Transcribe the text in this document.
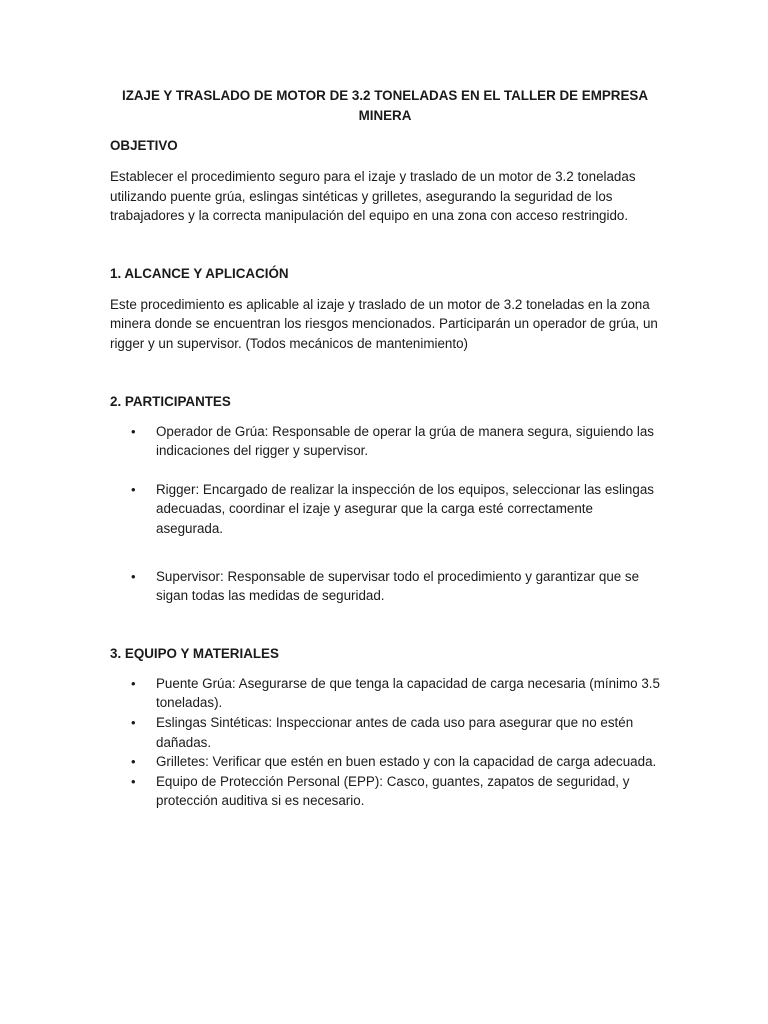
IZAJE Y TRASLADO DE MOTOR DE 3.2 TONELADAS EN EL TALLER DE EMPRESA MINERA
OBJETIVO

Establecer el procedimiento seguro para el izaje y traslado de un motor de 3.2 toneladas utilizando puente grúa, eslingas sintéticas y grilletes, asegurando la seguridad de los trabajadores y la correcta manipulación del equipo en una zona con acceso restringido.

1. ALCANCE Y APLICACIÓN

Este procedimiento es aplicable al izaje y traslado de un motor de 3.2 toneladas en la zona minera donde se encuentran los riesgos mencionados. Participarán un operador de grúa, un rigger y un supervisor. (Todos mecánicos de mantenimiento)

2. PARTICIPANTES
• Operador de Grúa: Responsable de operar la grúa de manera segura, siguiendo las indicaciones del rigger y supervisor.
• Rigger: Encargado de realizar la inspección de los equipos, seleccionar las eslingas adecuadas, coordinar el izaje y asegurar que la carga esté correctamente asegurada.
• Supervisor: Responsable de supervisar todo el procedimiento y garantizar que se sigan todas las medidas de seguridad.
3. EQUIPO Y MATERIALES
• Puente Grúa: Asegurarse de que tenga la capacidad de carga necesaria (mínimo 3.5 toneladas).
• Eslingas Sintéticas: Inspeccionar antes de cada uso para asegurar que no estén dañadas.
• Grilletes: Verificar que estén en buen estado y con la capacidad de carga adecuada.
• Equipo de Protección Personal (EPP): Casco, guantes, zapatos de seguridad, y protección auditiva si es necesario.
